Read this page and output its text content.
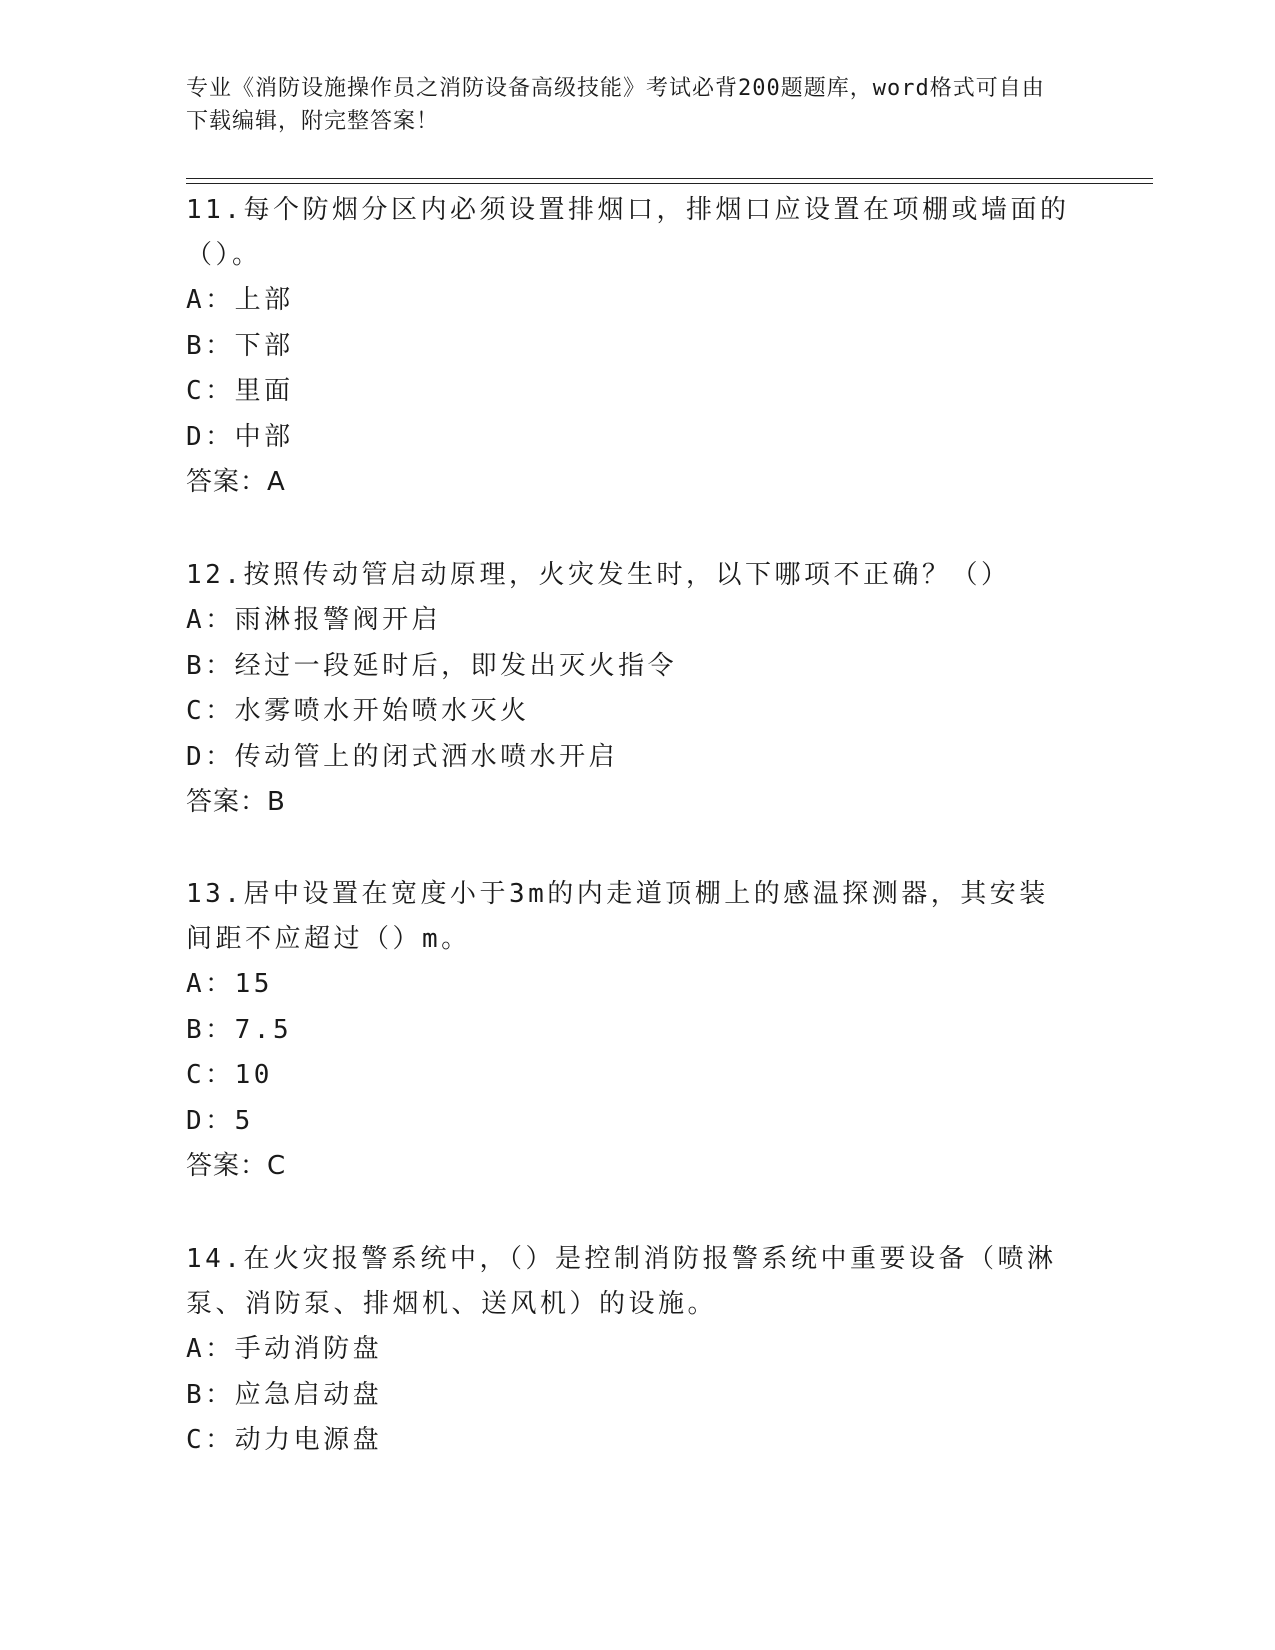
专业《消防设施操作员之消防设备高级技能》考试必背200题题库，word格式可自由下载编辑，附完整答案！

11.每个防烟分区内必须设置排烟口，排烟口应设置在项棚或墙面的（）。

A：上部

B：下部

C：里面

D：中部

答案：A

12.按照传动管启动原理，火灾发生时，以下哪项不正确？（）

A：雨淋报警阀开启

B：经过一段延时后，即发出灭火指令

C：水雾喷水开始喷水灭火

D：传动管上的闭式洒水喷水开启

答案：B

13.居中设置在宽度小于3m的内走道顶棚上的感温探测器，其安装间距不应超过（）m。

A：15

B：7.5

C：10

D：5

答案：C

14.在火灾报警系统中，（）是控制消防报警系统中重要设备（喷淋泵、消防泵、排烟机、送风机）的设施。

A：手动消防盘

B：应急启动盘

C：动力电源盘
